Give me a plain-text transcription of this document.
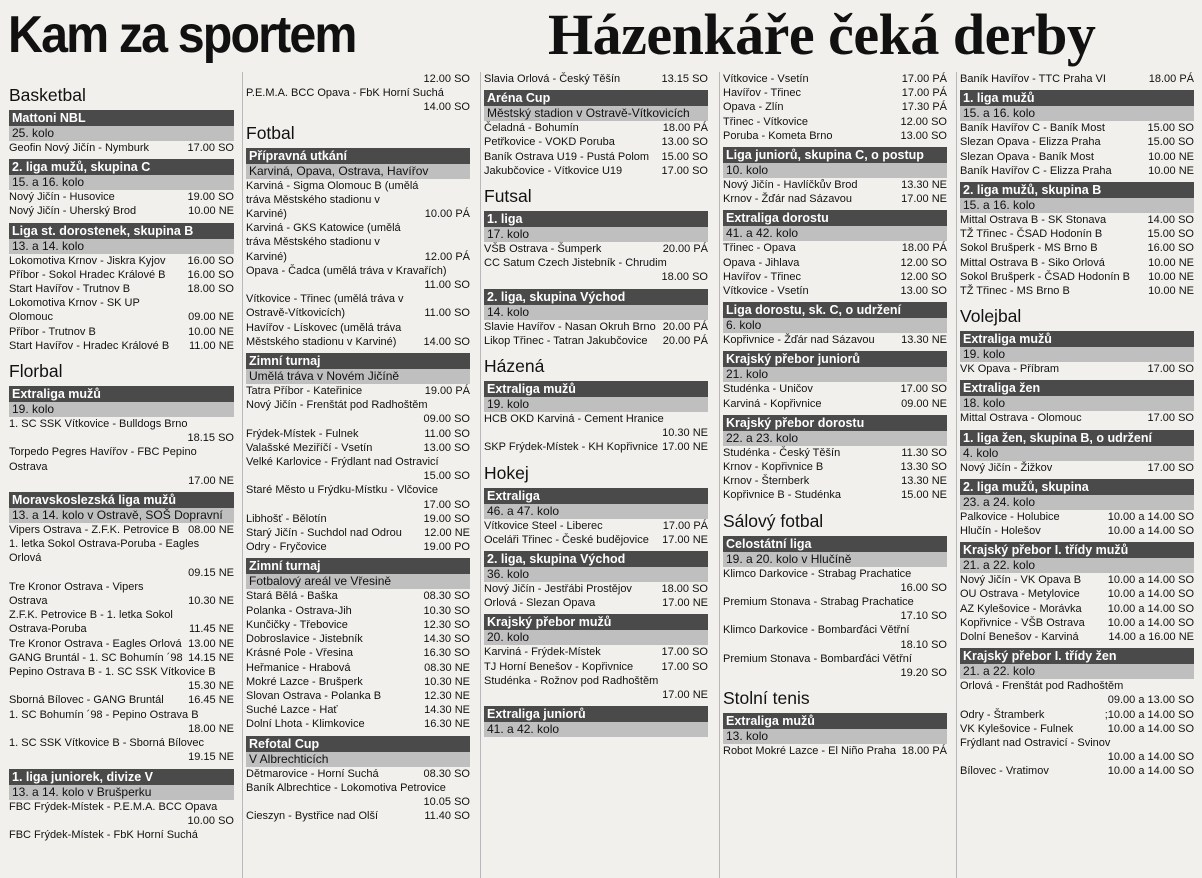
Kam za sportem	Házenkáře čeká derby
Basketbal
Mattoni NBL
25. kolo
Geofin Nový Jičín - Nymburk	17.00 SO
2. liga mužů, skupina C
15. a 16. kolo
Nový Jičín - Husovice	19.00 SO
Nový Jičín - Uherský Brod	10.00 NE
Liga st. dorostenek, skupina B
13. a 14. kolo
Lokomotiva Krnov - Jiskra Kyjov	16.00 SO
Příbor - Sokol Hradec Králové B	16.00 SO
Start Havířov - Trutnov B	18.00 SO
Lokomotiva Krnov - SK UP Olomouc	09.00 NE
Příbor - Trutnov B	10.00 NE
Start Havířov - Hradec Králové B	11.00 NE
Florbal
Extraliga mužů
19. kolo
1. SC SSK Vítkovice - Bulldogs Brno
18.15 SO
Torpedo Pegres Havířov - FBC Pepino Ostrava
17.00 NE
Moravskoslezská liga mužů
13. a 14. kolo v Ostravě, SOŠ Dopravní
Vipers Ostrava - Z.F.K. Petrovice B 08.00 NE
1. letka Sokol Ostrava-Poruba - Eagles Orlová
09.15 NE
Tre Kronor Ostrava - Vipers Ostrava	10.30 NE
Z.F.K. Petrovice B - 1. letka Sokol Ostrava-Poruba	11.45 NE
Tre Kronor Ostrava - Eagles Orlová 13.00 NE
GANG Bruntál - 1. SC Bohumín ´98 14.15 NE
Pepino Ostrava B - 1. SC SSK Vítkovice B
15.30 NE
Sborná Bílovec - GANG Bruntál	16.45 NE
1. SC Bohumín ´98 - Pepino Ostrava B
18.00 NE
1. SC SSK Vítkovice B - Sborná Bílovec
19.15 NE
1. liga juniorek, divize V
13. a 14. kolo v Brušperku
FBC Frýdek-Místek - P.E.M.A. BCC Opava
10.00 SO
FBC Frýdek-Místek - FbK Horní Suchá
12.00 SO
P.E.M.A. BCC Opava - FbK Horní Suchá
14.00 SO
Fotbal
Přípravná utkání
Karviná, Opava, Ostrava, Havířov
Karviná - Sigma Olomouc B (umělá tráva Městského stadionu v Karviné)	10.00 PÁ
Karviná - GKS Katowice (umělá tráva Městského stadionu v Karviné)	12.00 PÁ
Opava - Čadca (umělá tráva v Kravařích)
11.00 SO
Vítkovice - Třinec (umělá tráva v Ostravě-Vítkovicích)	11.00 SO
Havířov - Lískovec (umělá tráva Městského stadionu v Karviné)	14.00 SO
Zimní turnaj
Umělá tráva v Novém Jičíně
Tatra Příbor - Kateřinice	19.00 PÁ
Nový Jičín - Frenštát pod Radhoštěm
09.00 SO
Frýdek-Místek - Fulnek	11.00 SO
Valašské Meziříčí - Vsetín	13.00 SO
Velké Karlovice - Frýdlant nad Ostravicí
15.00 SO
Staré Město u Frýdku-Místku - Vlčovice
17.00 SO
Libhošť - Bělotín	19.00 SO
Starý Jičín - Suchdol nad Odrou	12.00 NE
Odry - Fryčovice	19.00 PO
Zimní turnaj
Fotbalový areál ve Vřesině
Stará Bělá - Baška	08.30 SO
Polanka - Ostrava-Jih	10.30 SO
Kunčičky - Třebovice	12.30 SO
Dobroslavice - Jistebník	14.30 SO
Krásné Pole - Vřesina	16.30 SO
Heřmanice - Hrabová	08.30 NE
Mokré Lazce - Brušperk	10.30 NE
Slovan Ostrava - Polanka B	12.30 NE
Suché Lazce - Hať	14.30 NE
Dolní Lhota - Klimkovice	16.30 NE
Refotal Cup
V Albrechticích
Dětmarovice - Horní Suchá	08.30 SO
Baník Albrechtice - Lokomotiva Petrovice
10.05 SO
Cieszyn - Bystřice nad Olší	11.40 SO
Slavia Orlová - Český Těšín	13.15 SO
Aréna Cup
Městský stadion v Ostravě-Vítkovicích
Čeladná - Bohumín	18.00 PÁ
Petřkovice - VOKD Poruba	13.00 SO
Baník Ostrava U19 - Pustá Polom	15.00 SO
Jakubčovice - Vítkovice U19	17.00 SO
Futsal
1. liga
17. kolo
VŠB Ostrava - Šumperk	20.00 PÁ
CC Satum Czech Jistebník - Chrudim
18.00 SO
2. liga, skupina Východ
14. kolo
Slavie Havířov - Nasan Okruh Brno 20.00 PÁ
Likop Třinec - Tatran Jakubčovice	20.00 PÁ
Házená
Extraliga mužů
19. kolo
HCB OKD Karviná - Cement Hranice
10.30 NE
SKP Frýdek-Místek - KH Kopřivnice 17.00 NE
Hokej
Extraliga
46. a 47. kolo
Vítkovice Steel - Liberec	17.00 PÁ
Oceláři Třinec - České budějovice	17.00 NE
2. liga, skupina Východ
36. kolo
Nový Jičín - Jestřábi Prostějov	18.00 SO
Orlová - Slezan Opava	17.00 NE
Krajský přebor mužů
20. kolo
Karviná - Frýdek-Místek	17.00 SO
TJ Horní Benešov - Kopřivnice	17.00 SO
Studénka - Rožnov pod Radhoštěm
17.00 NE
Extraliga juniorů
41. a 42. kolo
Vítkovice - Vsetín	17.00 PÁ
Havířov - Třinec	17.00 PÁ
Opava - Zlín	17.30 PÁ
Třinec - Vítkovice	12.00 SO
Poruba - Kometa Brno	13.00 SO
Liga juniorů, skupina C, o postup
10. kolo
Nový Jičín - Havlíčkův Brod	13.30 NE
Krnov - Žďár nad Sázavou	17.00 NE
Extraliga dorostu
41. a 42. kolo
Třinec - Opava	18.00 PÁ
Opava - Jihlava	12.00 SO
Havířov - Třinec	12.00 SO
Vítkovice - Vsetín	13.00 SO
Liga dorostu, sk. C, o udržení
6. kolo
Kopřivnice - Žďár nad Sázavou	13.30 NE
Krajský přebor juniorů
21. kolo
Studénka - Uničov	17.00 SO
Karviná - Kopřivnice	09.00 NE
Krajský přebor dorostu
22. a 23. kolo
Studénka - Český Těšín	11.30 SO
Krnov - Kopřivnice B	13.30 SO
Krnov - Šternberk	13.30 NE
Kopřivnice B - Studénka	15.00 NE
Sálový fotbal
Celostátní liga
19. a 20. kolo v Hlučíně
Klimco Darkovice - Strabag Prachatice
16.00 SO
Premium Stonava - Strabag Prachatice
17.10 SO
Klimco Darkovice - Bombarďáci Větřní
18.10 SO
Premium Stonava - Bombarďáci Větřní
19.20 SO
Stolní tenis
Extraliga mužů
13. kolo
Robot Mokré Lazce - El Niño Praha 18.00 PÁ
Baník Havířov - TTC Praha VI	18.00 PÁ
1. liga mužů
15. a 16. kolo
Baník Havířov C - Baník Most	15.00 SO
Slezan Opava - Elizza Praha	15.00 SO
Slezan Opava - Baník Most	10.00 NE
Baník Havířov C - Elizza Praha	10.00 NE
2. liga mužů, skupina B
15. a 16. kolo
Mittal Ostrava B - SK Stonava	14.00 SO
TŽ Třinec - ČSAD Hodonín B	15.00 SO
Sokol Brušperk - MS Brno B	16.00 SO
Mittal Ostrava B - Siko Orlová	10.00 NE
Sokol Brušperk - ČSAD Hodonín B	10.00 NE
TŽ Třinec - MS Brno B	10.00 NE
Volejbal
Extraliga mužů
19. kolo
VK Opava - Příbram	17.00 SO
Extraliga žen
18. kolo
Mittal Ostrava - Olomouc	17.00 SO
1. liga žen, skupina B, o udržení
4. kolo
Nový Jičín - Žižkov	17.00 SO
2. liga mužů, skupina
23. a 24. kolo
Palkovice - Holubice	10.00 a 14.00 SO
Hlučín - Holešov	10.00 a 14.00 SO
Krajský přebor I. třídy mužů
21. a 22. kolo
Nový Jičín - VK Opava B	10.00 a 14.00 SO
OU Ostrava - Metylovice	10.00 a 14.00 SO
AZ Kylešovice - Morávka	10.00 a 14.00 SO
Kopřivnice - VŠB Ostrava	10.00 a 14.00 SO
Dolní Benešov - Karviná	14.00 a 16.00 NE
Krajský přebor I. třídy žen
21. a 22. kolo
Orlová - Frenštát pod Radhoštěm
09.00 a 13.00 SO
Odry - Štramberk	;10.00 a 14.00 SO
VK Kylešovice - Fulnek	10.00 a 14.00 SO
Frýdlant nad Ostravicí - Svinov
10.00 a 14.00 SO
Bílovec - Vratimov	10.00 a 14.00 SO
